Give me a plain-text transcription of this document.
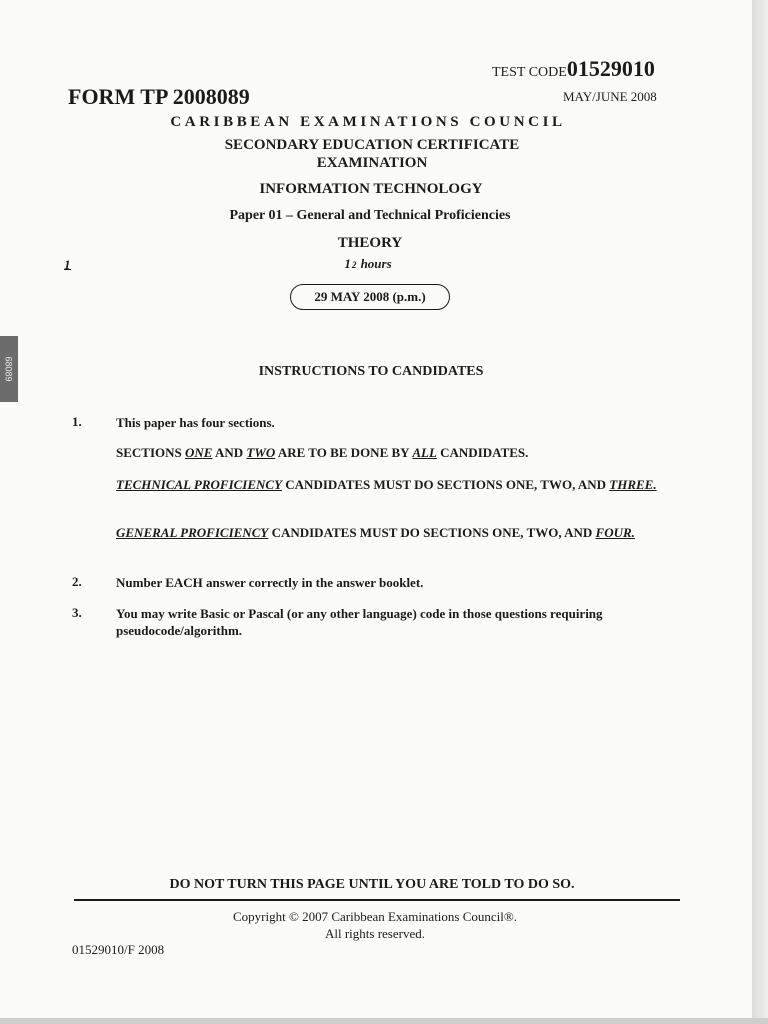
68089
TEST CODE01529010
FORM TP 2008089	MAY/JUNE 2008
CARIBBEAN EXAMINATIONS COUNCIL
SECONDARY EDUCATION CERTIFICATE
EXAMINATION
INFORMATION TECHNOLOGY
Paper 01 – General and Technical Proficiencies
THEORY
1
1	2 hours
29 MAY 2008 (p.m.)
INSTRUCTIONS TO CANDIDATES
1.	This paper has four sections.
SECTIONS ONE AND TWO ARE TO BE DONE BY ALL CANDIDATES.
TECHNICAL PROFICIENCY CANDIDATES MUST DO SECTIONS ONE, TWO, AND THREE.
GENERAL PROFICIENCY CANDIDATES MUST DO SECTIONS ONE, TWO, AND FOUR.
2.	Number EACH answer correctly in the answer booklet.
3.	You may write Basic or Pascal (or any other language) code in those questions requiring pseudocode/algorithm.
DO NOT TURN THIS PAGE UNTIL YOU ARE TOLD TO DO SO.
Copyright © 2007 Caribbean Examinations Council®.
All rights reserved.
01529010/F 2008
